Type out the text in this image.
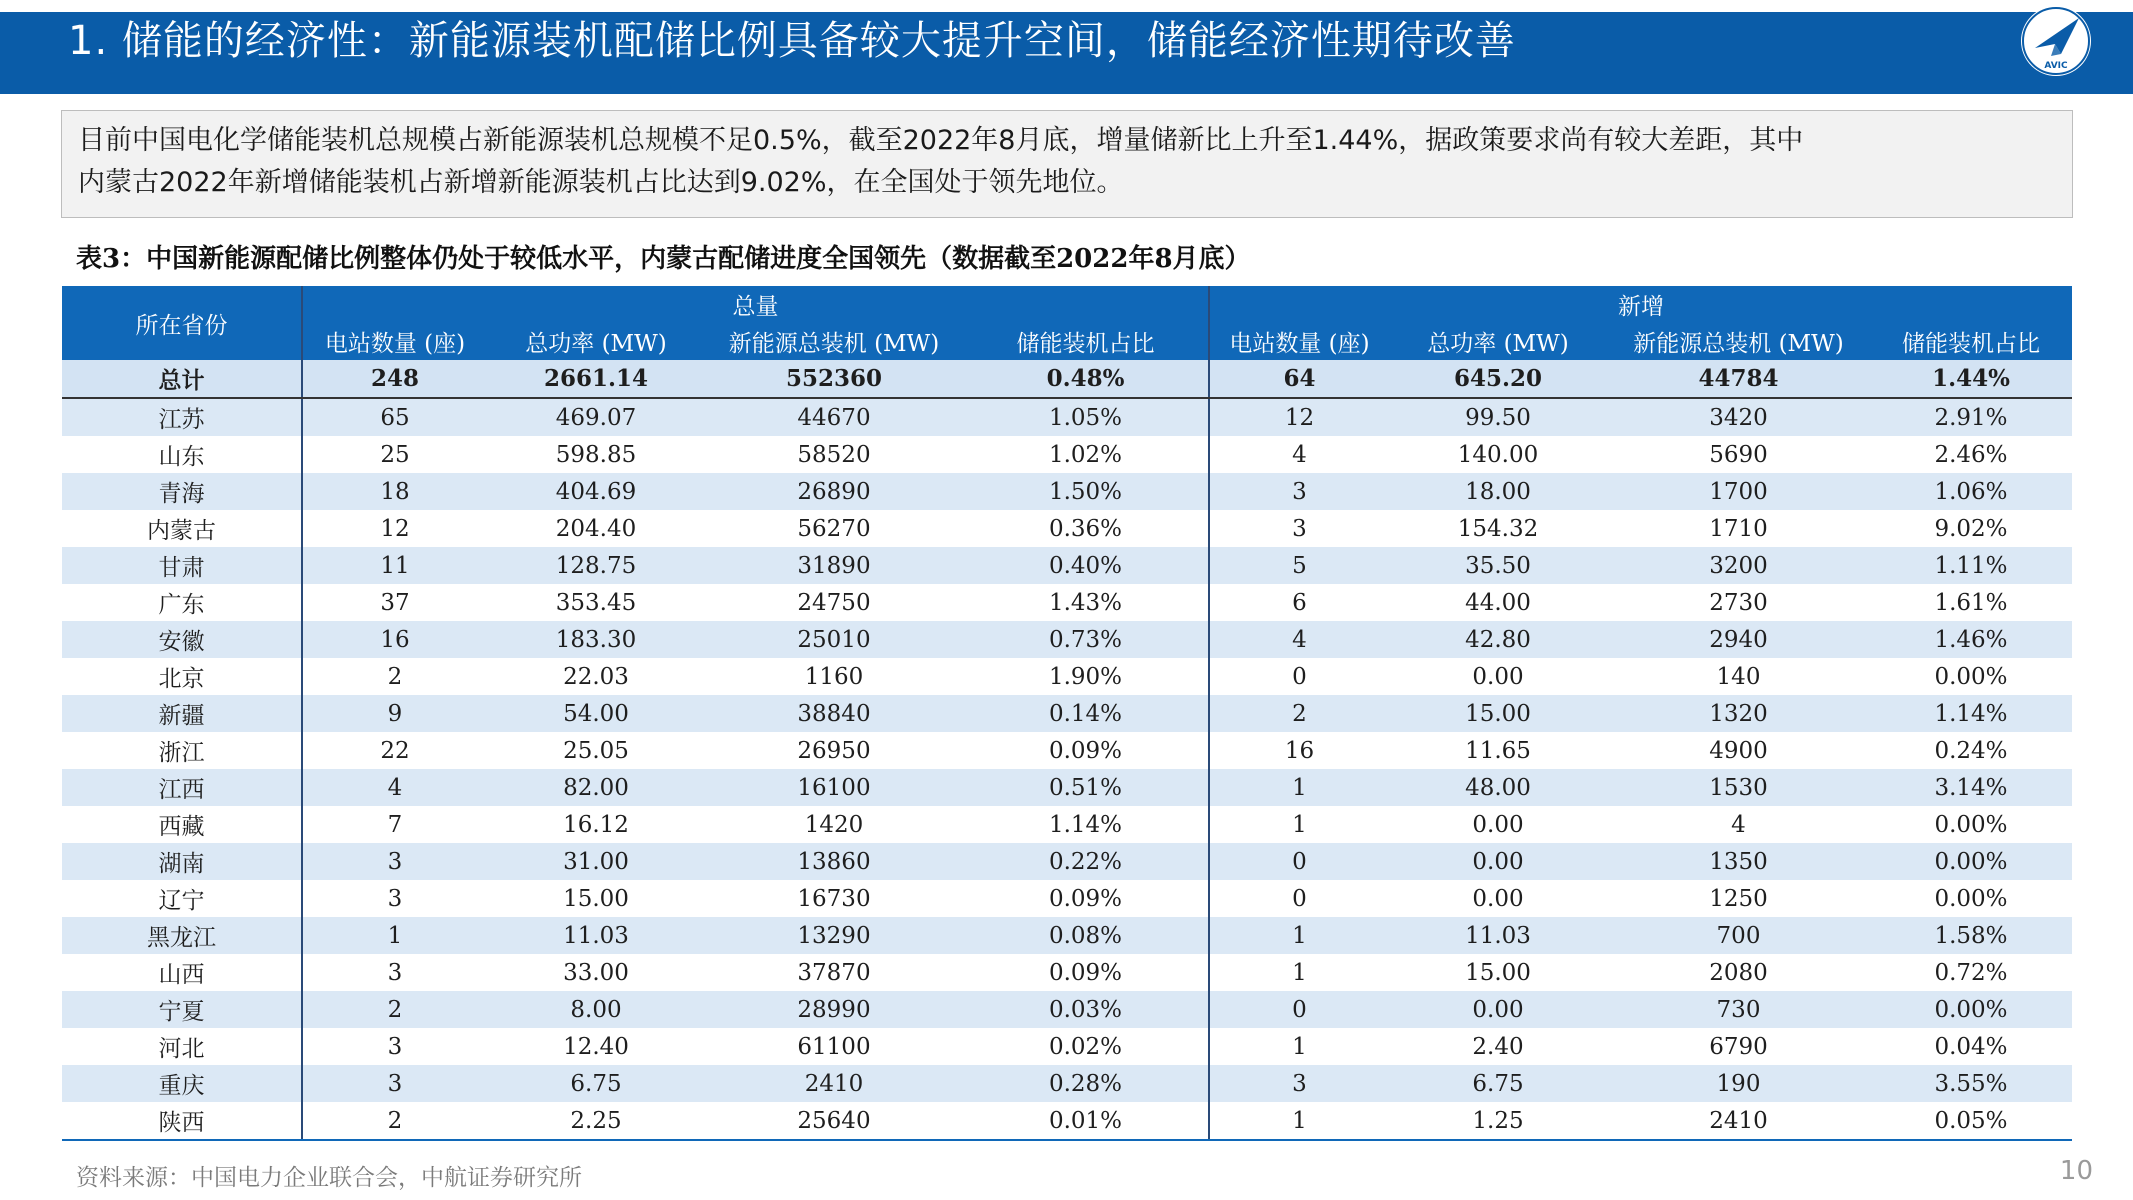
1. 储能的经济性：新能源装机配储比例具备较大提升空间，储能经济性期待改善
AVIC
目前中国电化学储能装机总规模占新能源装机总规模不足0.5%，截至2022年8月底，增量储新比上升至1.44%，据政策要求尚有较大差距，其中
内蒙古2022年新增储能装机占新增新能源装机占比达到9.02%，在全国处于领先地位。
表3：中国新能源配储比例整体仍处于较低水平，内蒙古配储进度全国领先（数据截至2022年8月底）
所在省份	总量				新增			
	电站数量 (座)	总功率 (MW)	新能源总装机 (MW)	储能装机占比	电站数量 (座)	总功率 (MW)	新能源总装机 (MW)	储能装机占比
总计	248	2661.14	552360	0.48%	64	645.20	44784	1.44%
江苏	65	469.07	44670	1.05%	12	99.50	3420	2.91%
山东	25	598.85	58520	1.02%	4	140.00	5690	2.46%
青海	18	404.69	26890	1.50%	3	18.00	1700	1.06%
内蒙古	12	204.40	56270	0.36%	3	154.32	1710	9.02%
甘肃	11	128.75	31890	0.40%	5	35.50	3200	1.11%
广东	37	353.45	24750	1.43%	6	44.00	2730	1.61%
安徽	16	183.30	25010	0.73%	4	42.80	2940	1.46%
北京	2	22.03	1160	1.90%	0	0.00	140	0.00%
新疆	9	54.00	38840	0.14%	2	15.00	1320	1.14%
浙江	22	25.05	26950	0.09%	16	11.65	4900	0.24%
江西	4	82.00	16100	0.51%	1	48.00	1530	3.14%
西藏	7	16.12	1420	1.14%	1	0.00	4	0.00%
湖南	3	31.00	13860	0.22%	0	0.00	1350	0.00%
辽宁	3	15.00	16730	0.09%	0	0.00	1250	0.00%
黑龙江	1	11.03	13290	0.08%	1	11.03	700	1.58%
山西	3	33.00	37870	0.09%	1	15.00	2080	0.72%
宁夏	2	8.00	28990	0.03%	0	0.00	730	0.00%
河北	3	12.40	61100	0.02%	1	2.40	6790	0.04%
重庆	3	6.75	2410	0.28%	3	6.75	190	3.55%
陕西	2	2.25	25640	0.01%	1	1.25	2410	0.05%
资料来源：中国电力企业联合会，中航证券研究所	10
